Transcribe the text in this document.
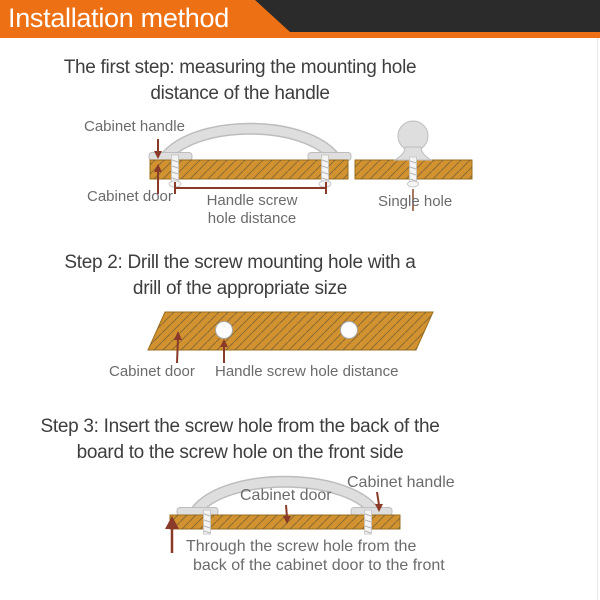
Installation method
The first step: measuring the mounting hole
distance of the handle
Step 2: Drill the screw mounting hole with a
drill of the appropriate size
Step 3: Insert the screw hole from the back of the
board to the screw hole on the front side
Cabinet handle
Cabinet door	Handle screw hole distance
Single hole
Cabinet door Handle screw hole distance
Cabinet door
Cabinet handle
Through the screw hole from the
back of the cabinet door to the front
